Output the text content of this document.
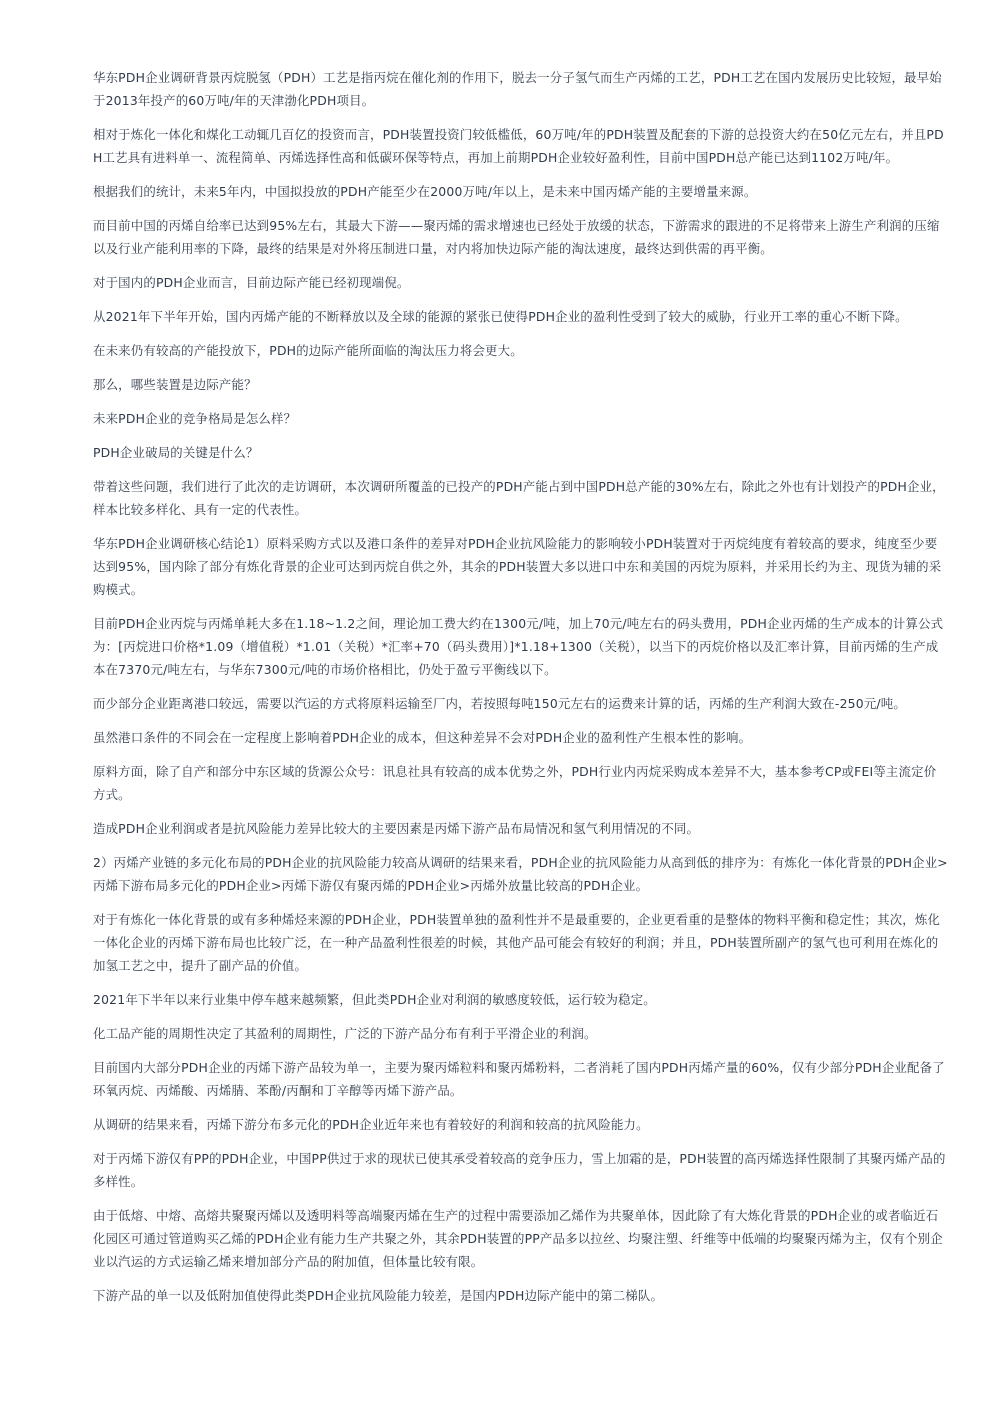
华东PDH企业调研背景丙烷脱氢（PDH）工艺是指丙烷在催化剂的作用下，脱去一分子氢气而生产丙烯的工艺，PDH工艺在国内发展历史比较短，最早始于2013年投产的60万吨/年的天津渤化PDH项目。

相对于炼化一体化和煤化工动辄几百亿的投资而言，PDH装置投资门较低槛低，60万吨/年的PDH装置及配套的下游的总投资大约在50亿元左右，并且PDH工艺具有进料单一、流程简单、丙烯选择性高和低碳环保等特点，再加上前期PDH企业较好盈利性，目前中国PDH总产能已达到1102万吨/年。

根据我们的统计，未来5年内，中国拟投放的PDH产能至少在2000万吨/年以上，是未来中国丙烯产能的主要增量来源。

而目前中国的丙烯自给率已达到95%左右，其最大下游——聚丙烯的需求增速也已经处于放缓的状态，下游需求的跟进的不足将带来上游生产利润的压缩以及行业产能利用率的下降，最终的结果是对外将压制进口量，对内将加快边际产能的淘汰速度，最终达到供需的再平衡。

对于国内的PDH企业而言，目前边际产能已经初现端倪。

从2021年下半年开始，国内丙烯产能的不断释放以及全球的能源的紧张已使得PDH企业的盈利性受到了较大的威胁，行业开工率的重心不断下降。

在未来仍有较高的产能投放下，PDH的边际产能所面临的淘汰压力将会更大。

那么，哪些装置是边际产能？

未来PDH企业的竞争格局是怎么样？

PDH企业破局的关键是什么？

带着这些问题，我们进行了此次的走访调研，本次调研所覆盖的已投产的PDH产能占到中国PDH总产能的30%左右，除此之外也有计划投产的PDH企业，样本比较多样化、具有一定的代表性。

华东PDH企业调研核心结论1）原料采购方式以及港口条件的差异对PDH企业抗风险能力的影响较小PDH装置对于丙烷纯度有着较高的要求，纯度至少要达到95%，国内除了部分有炼化背景的企业可达到丙烷自供之外，其余的PDH装置大多以进口中东和美国的丙烷为原料，并采用长约为主、现货为辅的采购模式。

目前PDH企业丙烷与丙烯单耗大多在1.18~1.2之间，理论加工费大约在1300元/吨，加上70元/吨左右的码头费用，PDH企业丙烯的生产成本的计算公式为：[丙烷进口价格*1.09（增值税）*1.01（关税）*汇率+70（码头费用）]*1.18+1300（关税），以当下的丙烷价格以及汇率计算，目前丙烯的生产成本在7370元/吨左右，与华东7300元/吨的市场价格相比，仍处于盈亏平衡线以下。

而少部分企业距离港口较远，需要以汽运的方式将原料运输至厂内，若按照每吨150元左右的运费来计算的话，丙烯的生产利润大致在-250元/吨。

虽然港口条件的不同会在一定程度上影响着PDH企业的成本，但这种差异不会对PDH企业的盈利性产生根本性的影响。

原料方面，除了自产和部分中东区域的货源公众号：讯息社具有较高的成本优势之外，PDH行业内丙烷采购成本差异不大，基本参考CP或FEI等主流定价方式。

造成PDH企业利润或者是抗风险能力差异比较大的主要因素是丙烯下游产品布局情况和氢气利用情况的不同。

2）丙烯产业链的多元化布局的PDH企业的抗风险能力较高从调研的结果来看，PDH企业的抗风险能力从高到低的排序为：有炼化一体化背景的PDH企业>丙烯下游布局多元化的PDH企业>丙烯下游仅有聚丙烯的PDH企业>丙烯外放量比较高的PDH企业。

对于有炼化一体化背景的或有多种烯烃来源的PDH企业，PDH装置单独的盈利性并不是最重要的，企业更看重的是整体的物料平衡和稳定性；其次，炼化一体化企业的丙烯下游布局也比较广泛，在一种产品盈利性很差的时候，其他产品可能会有较好的利润；并且，PDH装置所副产的氢气也可利用在炼化的加氢工艺之中，提升了副产品的价值。

2021年下半年以来行业集中停车越来越频繁，但此类PDH企业对利润的敏感度较低，运行较为稳定。

化工品产能的周期性决定了其盈利的周期性，广泛的下游产品分布有利于平滑企业的利润。

目前国内大部分PDH企业的丙烯下游产品较为单一，主要为聚丙烯粒料和聚丙烯粉料，二者消耗了国内PDH丙烯产量的60%，仅有少部分PDH企业配备了环氧丙烷、丙烯酸、丙烯腈、苯酚/丙酮和丁辛醇等丙烯下游产品。

从调研的结果来看，丙烯下游分布多元化的PDH企业近年来也有着较好的利润和较高的抗风险能力。

对于丙烯下游仅有PP的PDH企业，中国PP供过于求的现状已使其承受着较高的竞争压力，雪上加霜的是，PDH装置的高丙烯选择性限制了其聚丙烯产品的多样性。

由于低熔、中熔、高熔共聚聚丙烯以及透明料等高端聚丙烯在生产的过程中需要添加乙烯作为共聚单体，因此除了有大炼化背景的PDH企业的或者临近石化园区可通过管道购买乙烯的PDH企业有能力生产共聚之外，其余PDH装置的PP产品多以拉丝、均聚注塑、纤维等中低端的均聚聚丙烯为主，仅有个别企业以汽运的方式运输乙烯来增加部分产品的附加值，但体量比较有限。

下游产品的单一以及低附加值使得此类PDH企业抗风险能力较差，是国内PDH边际产能中的第二梯队。
